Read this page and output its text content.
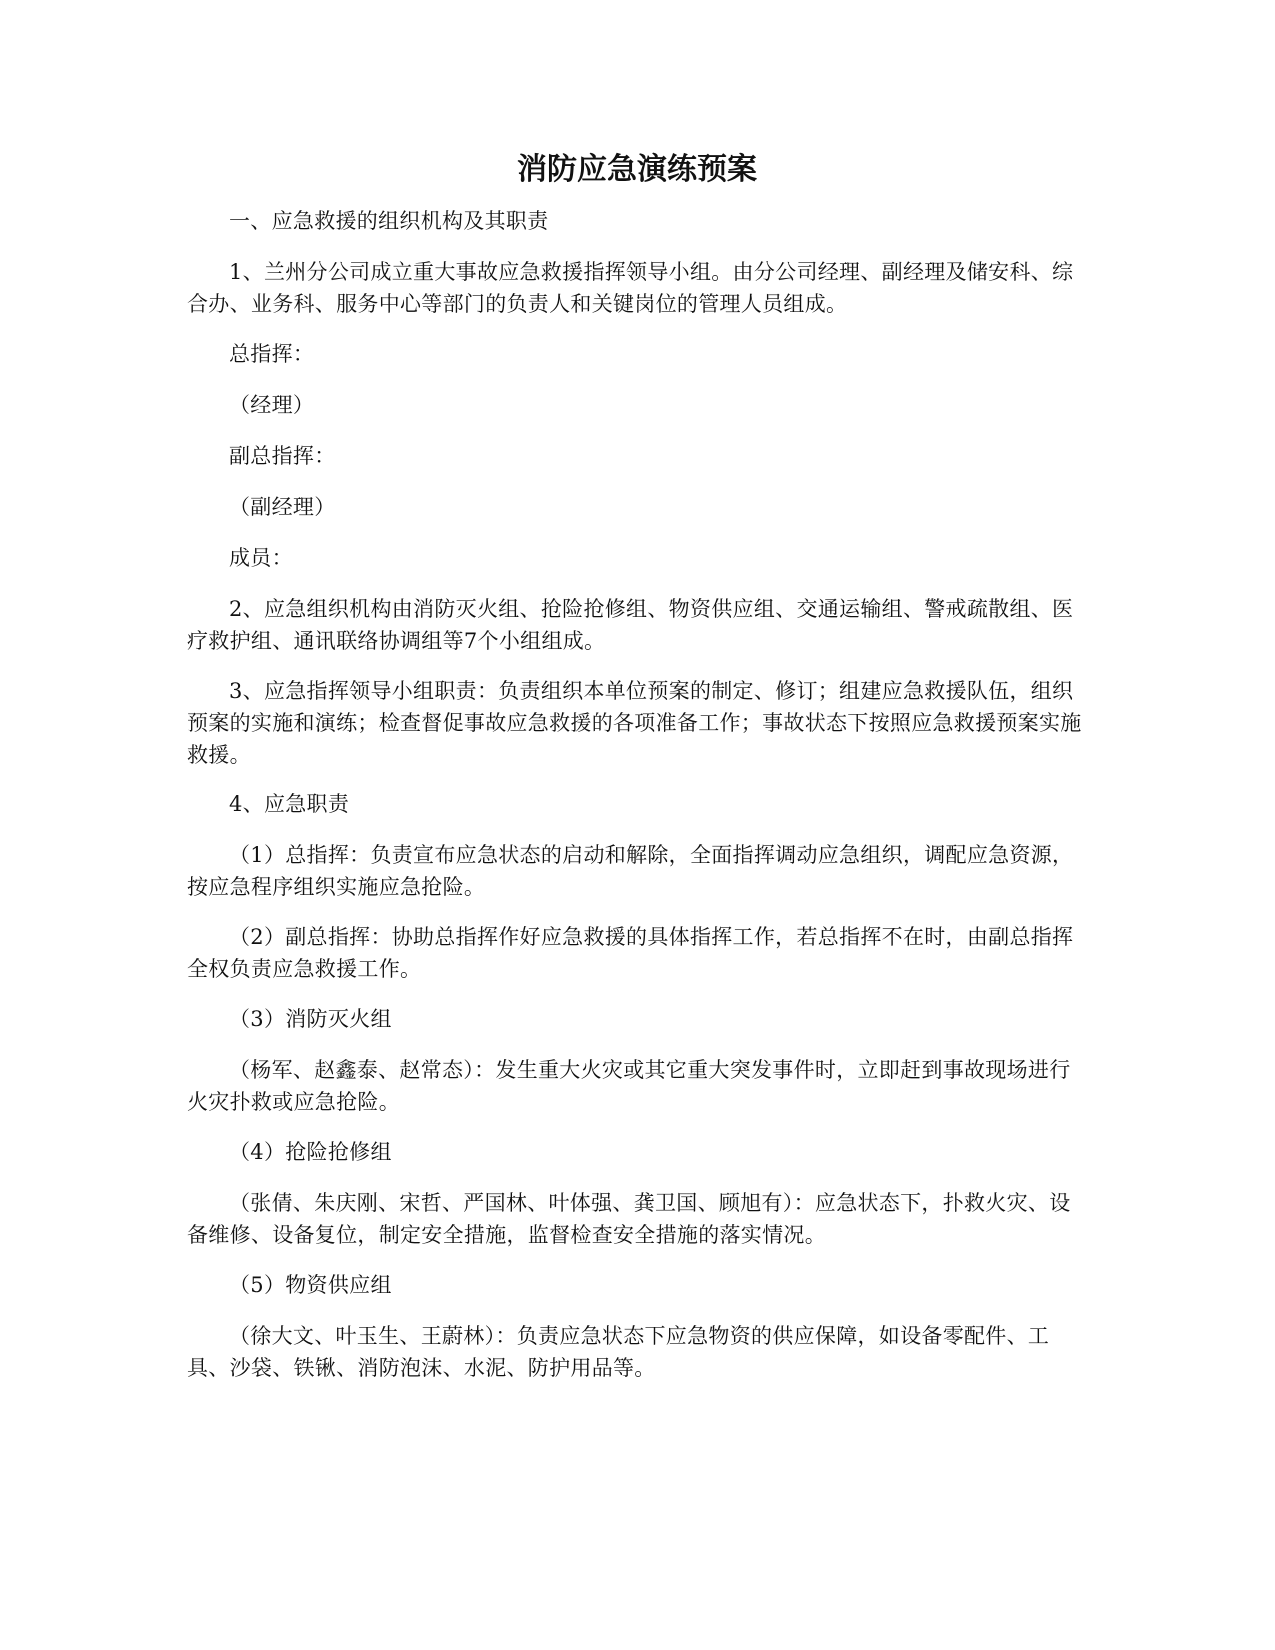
消防应急演练预案

一、应急救援的组织机构及其职责

1、兰州分公司成立重大事故应急救援指挥领导小组。由分公司经理、副经理及储安科、综合办、业务科、服务中心等部门的负责人和关键岗位的管理人员组成。

总指挥：

（经理）

副总指挥：

（副经理）

成员：

2、应急组织机构由消防灭火组、抢险抢修组、物资供应组、交通运输组、警戒疏散组、医疗救护组、通讯联络协调组等7个小组组成。

3、应急指挥领导小组职责：负责组织本单位预案的制定、修订；组建应急救援队伍，组织预案的实施和演练；检查督促事故应急救援的各项准备工作；事故状态下按照应急救援预案实施救援。

4、应急职责

（1）总指挥：负责宣布应急状态的启动和解除，全面指挥调动应急组织，调配应急资源，按应急程序组织实施应急抢险。

（2）副总指挥：协助总指挥作好应急救援的具体指挥工作，若总指挥不在时，由副总指挥全权负责应急救援工作。

（3）消防灭火组

（杨军、赵鑫泰、赵常态）：发生重大火灾或其它重大突发事件时，立即赶到事故现场进行火灾扑救或应急抢险。

（4）抢险抢修组

（张倩、朱庆刚、宋哲、严国林、叶体强、龚卫国、顾旭有）：应急状态下，扑救火灾、设备维修、设备复位，制定安全措施，监督检查安全措施的落实情况。

（5）物资供应组

（徐大文、叶玉生、王蔚林）：负责应急状态下应急物资的供应保障，如设备零配件、工具、沙袋、铁锹、消防泡沫、水泥、防护用品等。
